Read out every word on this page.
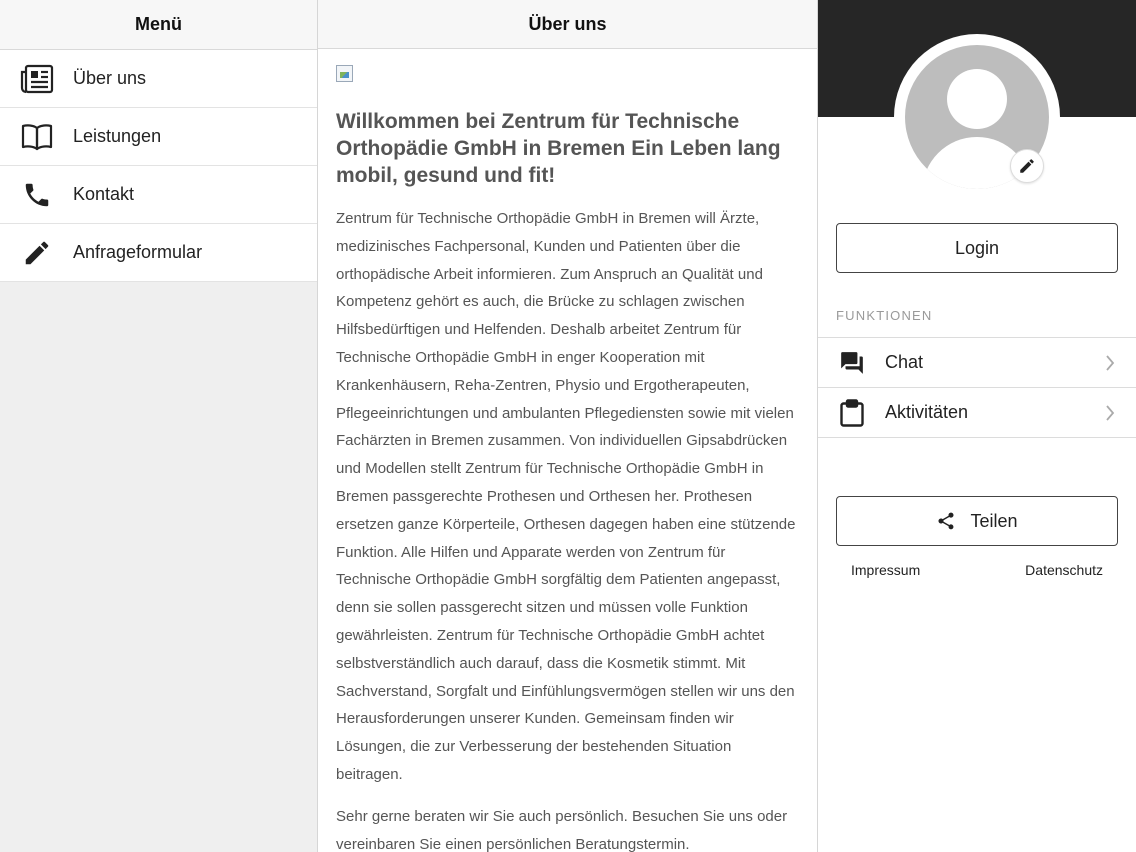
Menü
Über uns
Leistungen
Kontakt
Anfrageformular
Über uns
Willkommen bei Zentrum für Technische Orthopädie GmbH in Bremen Ein Leben lang mobil, gesund und fit!

Zentrum für Technische Orthopädie GmbH in Bremen will Ärzte, medizinisches Fachpersonal, Kunden und Patienten über die orthopädische Arbeit informieren. Zum Anspruch an Qualität und Kompetenz gehört es auch, die Brücke zu schlagen zwischen Hilfsbedürftigen und Helfenden. Deshalb arbeitet Zentrum für Technische Orthopädie GmbH in enger Kooperation mit Krankenhäusern, Reha-Zentren, Physio und Ergotherapeuten, Pflegeeinrichtungen und ambulanten Pflegediensten sowie mit vielen Fachärzten in Bremen zusammen. Von individuellen Gipsabdrücken und Modellen stellt Zentrum für Technische Orthopädie GmbH in Bremen passgerechte Prothesen und Orthesen her. Prothesen ersetzen ganze Körperteile, Orthesen dagegen haben eine stützende Funktion. Alle Hilfen und Apparate werden von Zentrum für Technische Orthopädie GmbH sorgfältig dem Patienten angepasst, denn sie sollen passgerecht sitzen und müssen volle Funktion gewährleisten. Zentrum für Technische Orthopädie GmbH achtet selbstverständlich auch darauf, dass die Kosmetik stimmt. Mit Sachverstand, Sorgfalt und Einfühlungsvermögen stellen wir uns den Herausforderungen unserer Kunden. Gemeinsam finden wir Lösungen, die zur Verbesserung der bestehenden Situation beitragen.

Sehr gerne beraten wir Sie auch persönlich. Besuchen Sie uns oder vereinbaren Sie einen persönlichen Beratungstermin.

Login
FUNKTIONEN
Chat
Aktivitäten
Teilen
Impressum	Datenschutz
